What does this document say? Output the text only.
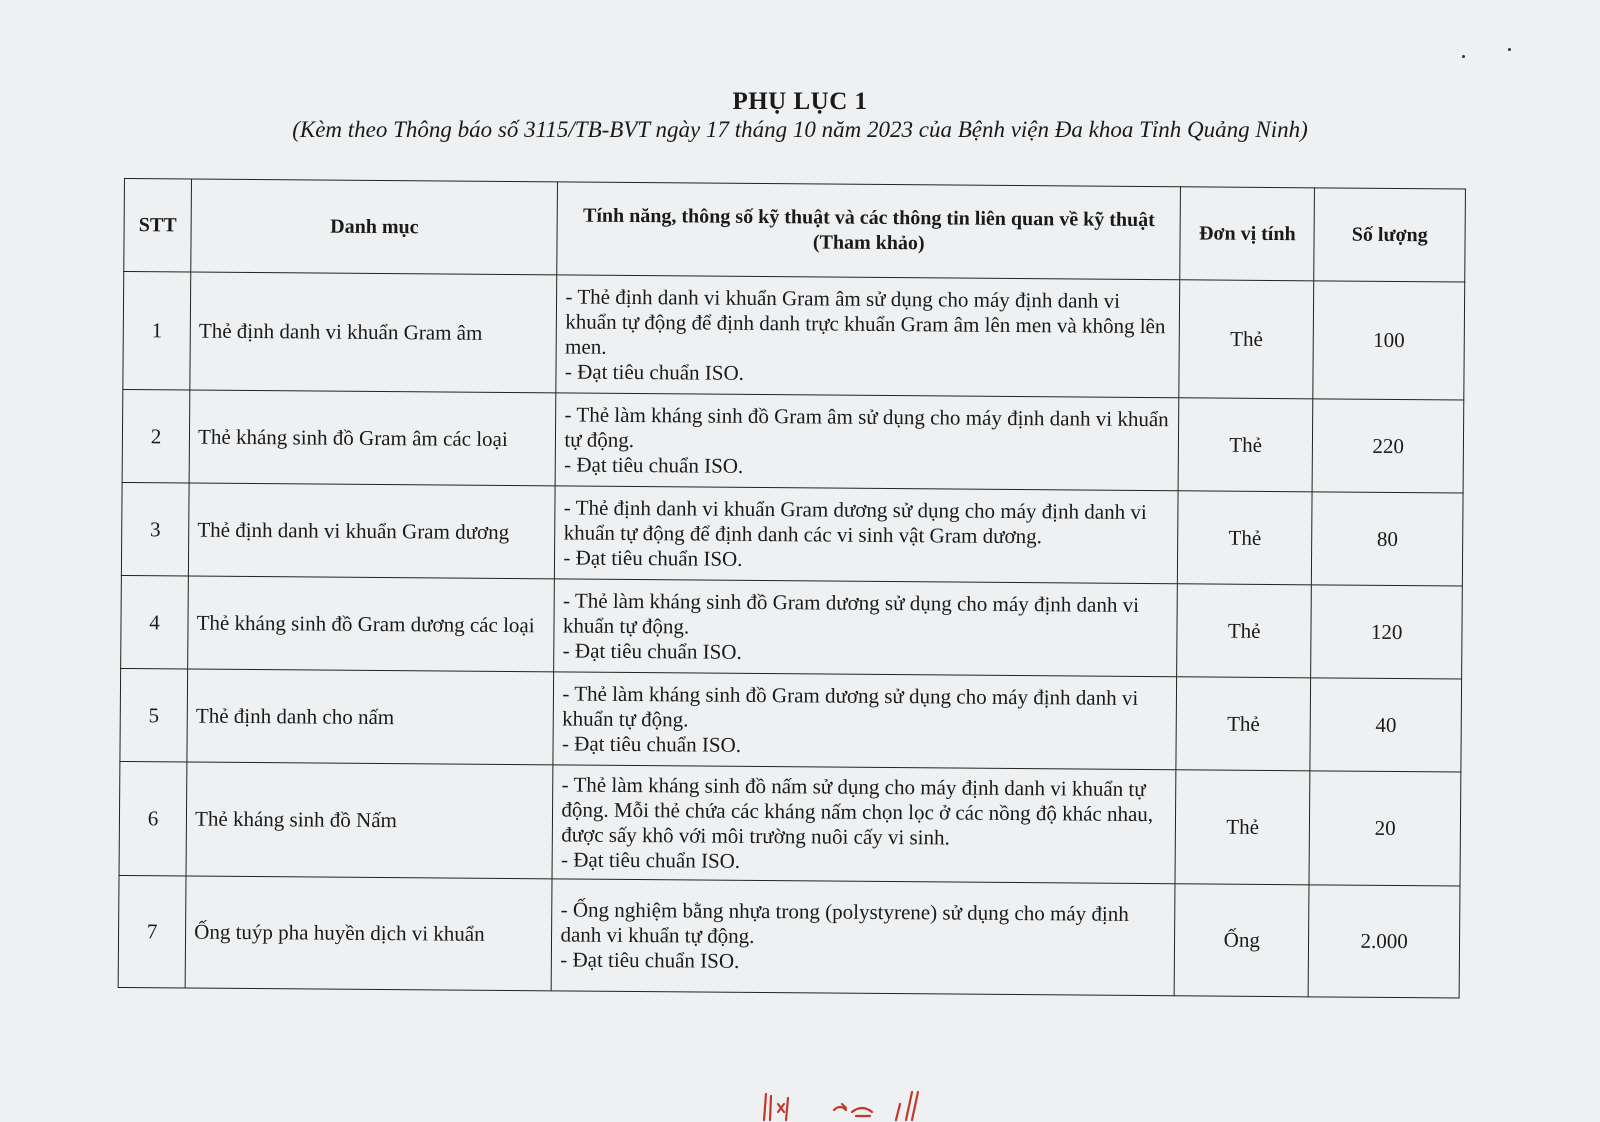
PHỤ LỤC 1
(Kèm theo Thông báo số 3115/TB-BVT ngày 17 tháng 10 năm 2023 của Bệnh viện Đa khoa Tỉnh Quảng Ninh)
STT	Danh mục	Tính năng, thông số kỹ thuật và các thông tin liên quan về kỹ thuật (Tham khảo)	Đơn vị tính	Số lượng
1	Thẻ định danh vi khuẩn Gram âm	- Thẻ định danh vi khuẩn Gram âm sử dụng cho máy định danh vi khuẩn tự động để định danh trực khuẩn Gram âm lên men và không lên men.
- Đạt tiêu chuẩn ISO.	Thẻ	100
2	Thẻ kháng sinh đồ Gram âm các loại	- Thẻ làm kháng sinh đồ Gram âm sử dụng cho máy định danh vi khuẩn tự động.
- Đạt tiêu chuẩn ISO.	Thẻ	220
3	Thẻ định danh vi khuẩn Gram dương	- Thẻ định danh vi khuẩn Gram dương sử dụng cho máy định danh vi khuẩn tự động để định danh các vi sinh vật Gram dương.
- Đạt tiêu chuẩn ISO.	Thẻ	80
4	Thẻ kháng sinh đồ Gram dương các loại	- Thẻ làm kháng sinh đồ Gram dương sử dụng cho máy định danh vi khuẩn tự động.
- Đạt tiêu chuẩn ISO.	Thẻ	120
5	Thẻ định danh cho nấm	- Thẻ làm kháng sinh đồ Gram dương sử dụng cho máy định danh vi khuẩn tự động.
- Đạt tiêu chuẩn ISO.	Thẻ	40
6	Thẻ kháng sinh đồ Nấm	- Thẻ làm kháng sinh đồ nấm sử dụng cho máy định danh vi khuẩn tự động. Mỗi thẻ chứa các kháng nấm chọn lọc ở các nồng độ khác nhau, được sấy khô với môi trường nuôi cấy vi sinh.
- Đạt tiêu chuẩn ISO.	Thẻ	20
7	Ống tuýp pha huyền dịch vi khuẩn	- Ống nghiệm bằng nhựa trong (polystyrene) sử dụng cho máy định danh vi khuẩn tự động.
- Đạt tiêu chuẩn ISO.	Ống	2.000
